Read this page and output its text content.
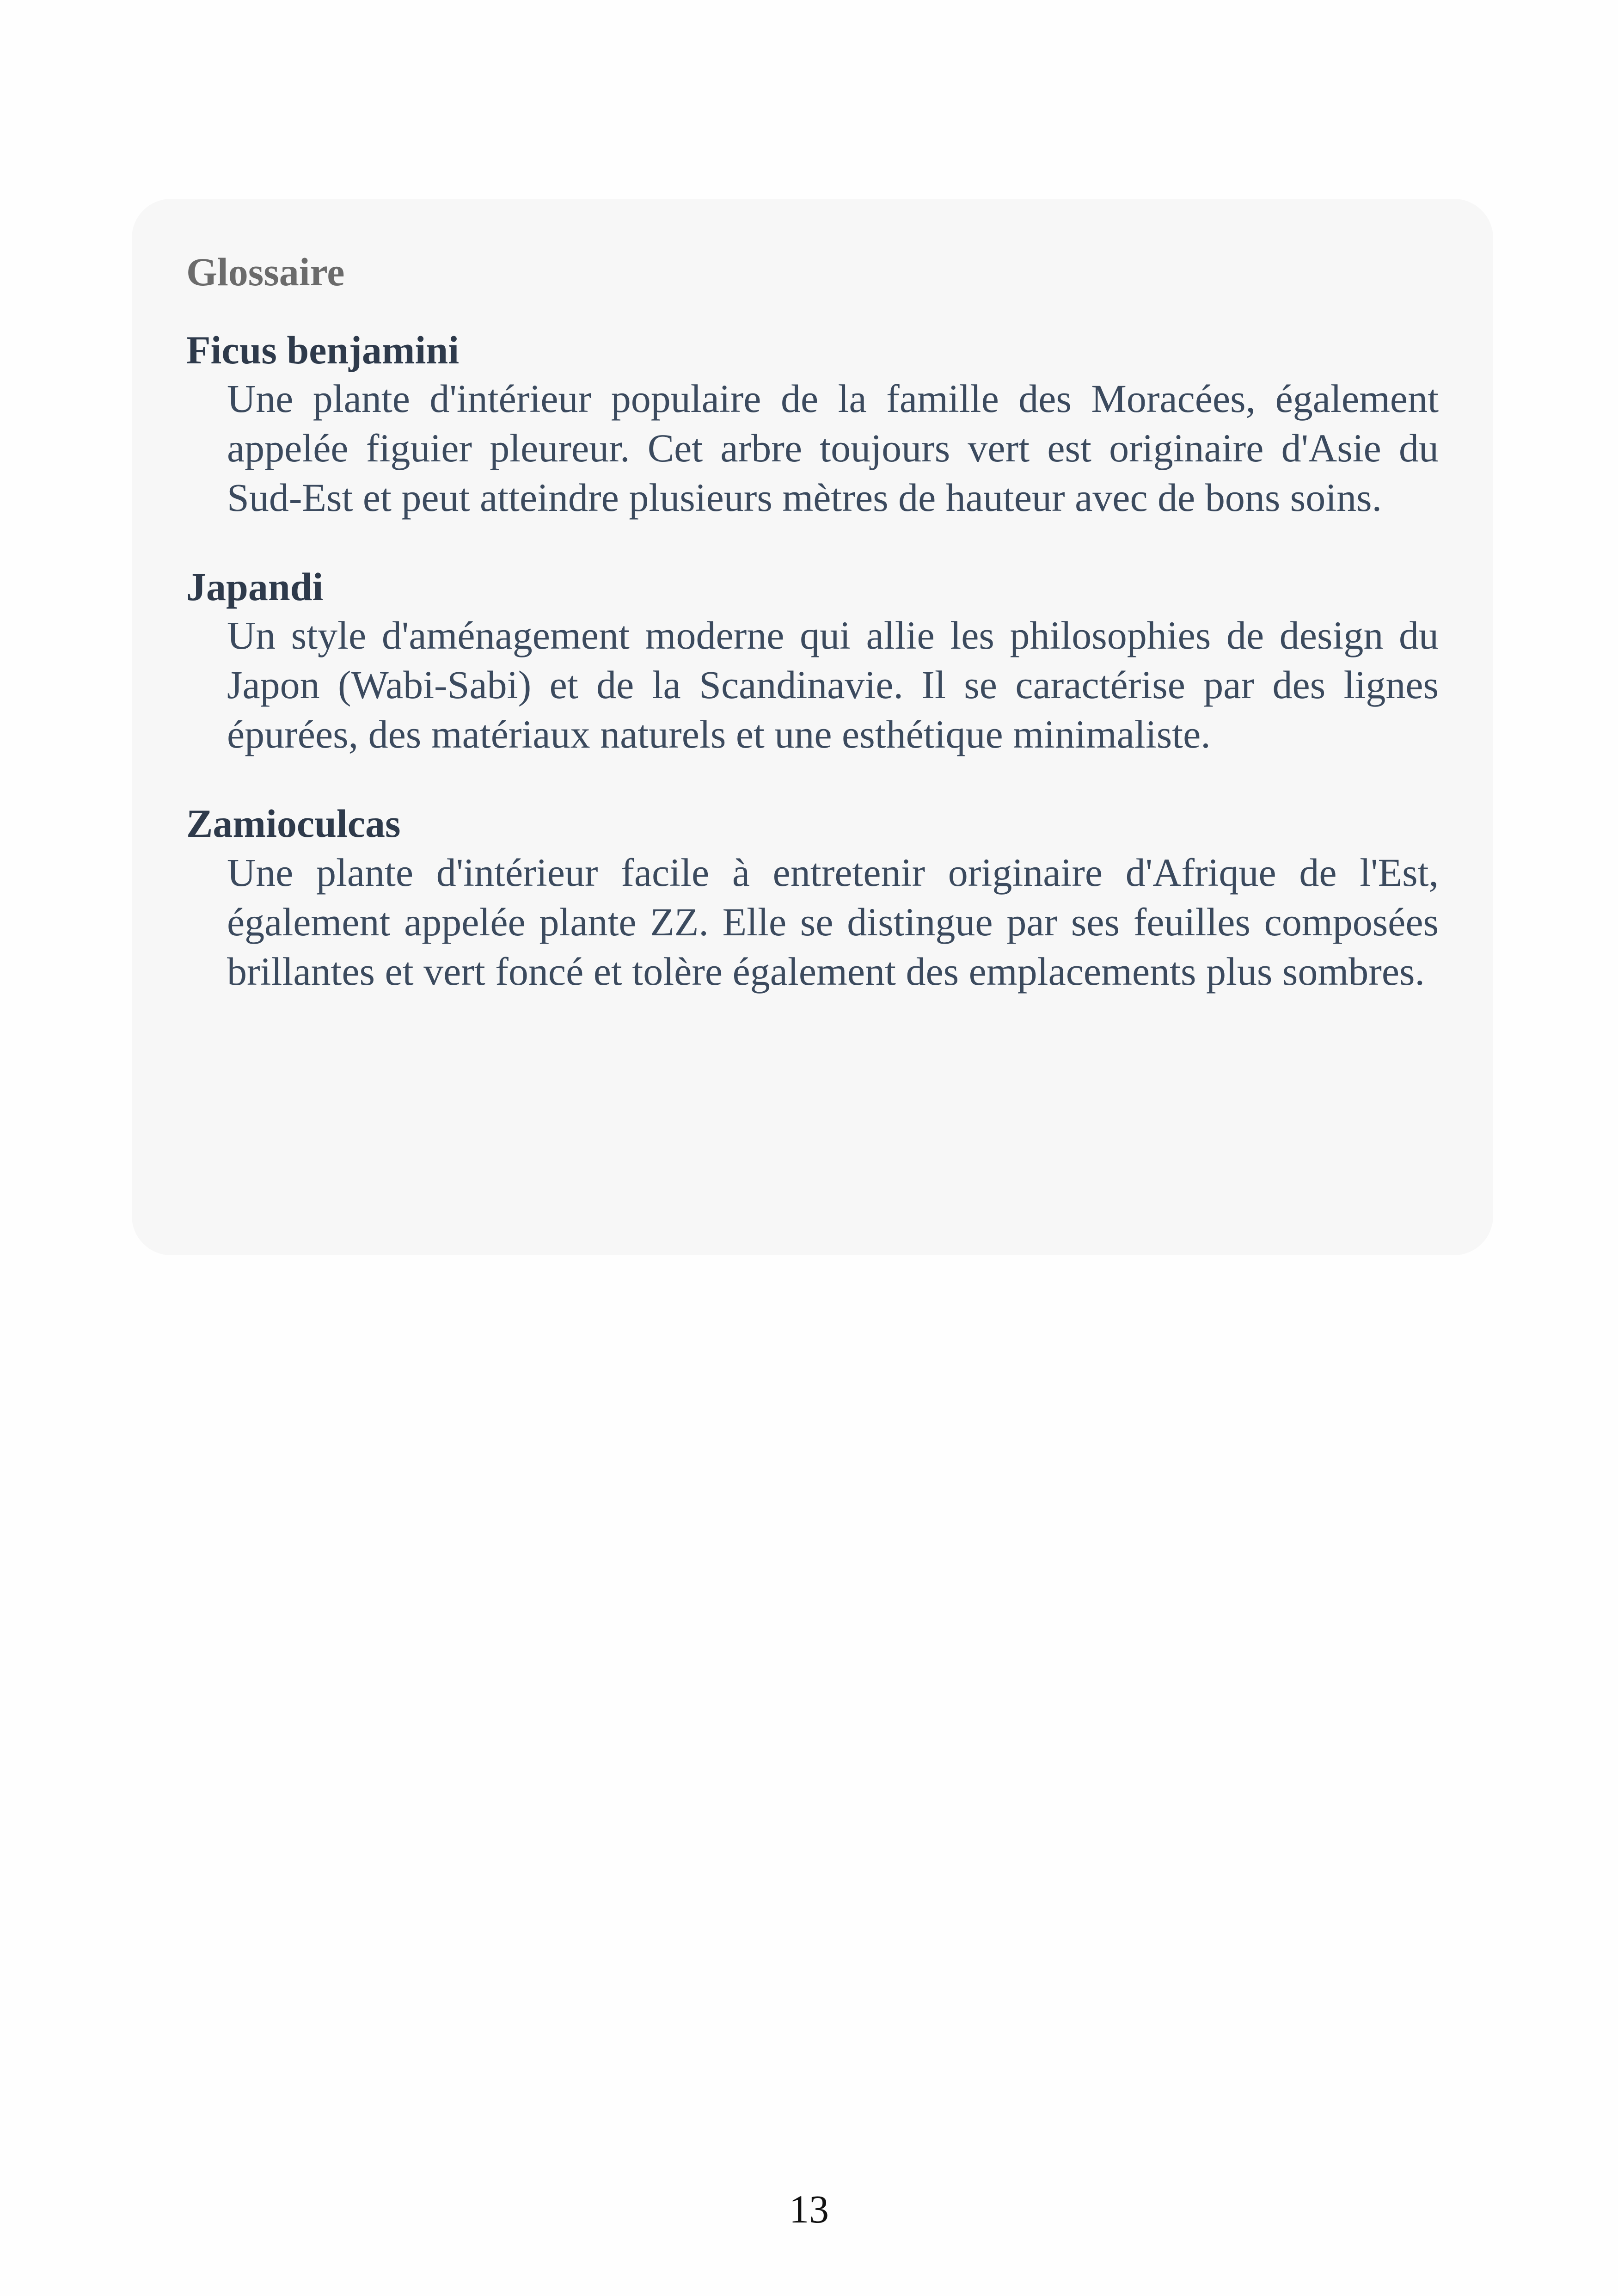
Glossaire
Ficus benjamini
Une plante d'intérieur populaire de la famille des Moracées, également appelée figuier pleureur. Cet arbre toujours vert est originaire d'Asie du Sud-Est et peut atteindre plusieurs mètres de hauteur avec de bons soins.
Japandi
Un style d'aménagement moderne qui allie les philosophies de design du Japon (Wabi-Sabi) et de la Scandinavie. Il se caractérise par des lignes épurées, des matériaux naturels et une esthétique minimaliste.
Zamioculcas
Une plante d'intérieur facile à entretenir originaire d'Afrique de l'Est, également appelée plante ZZ. Elle se distingue par ses feuilles composées brillantes et vert foncé et tolère également des emplacements plus sombres.
13
